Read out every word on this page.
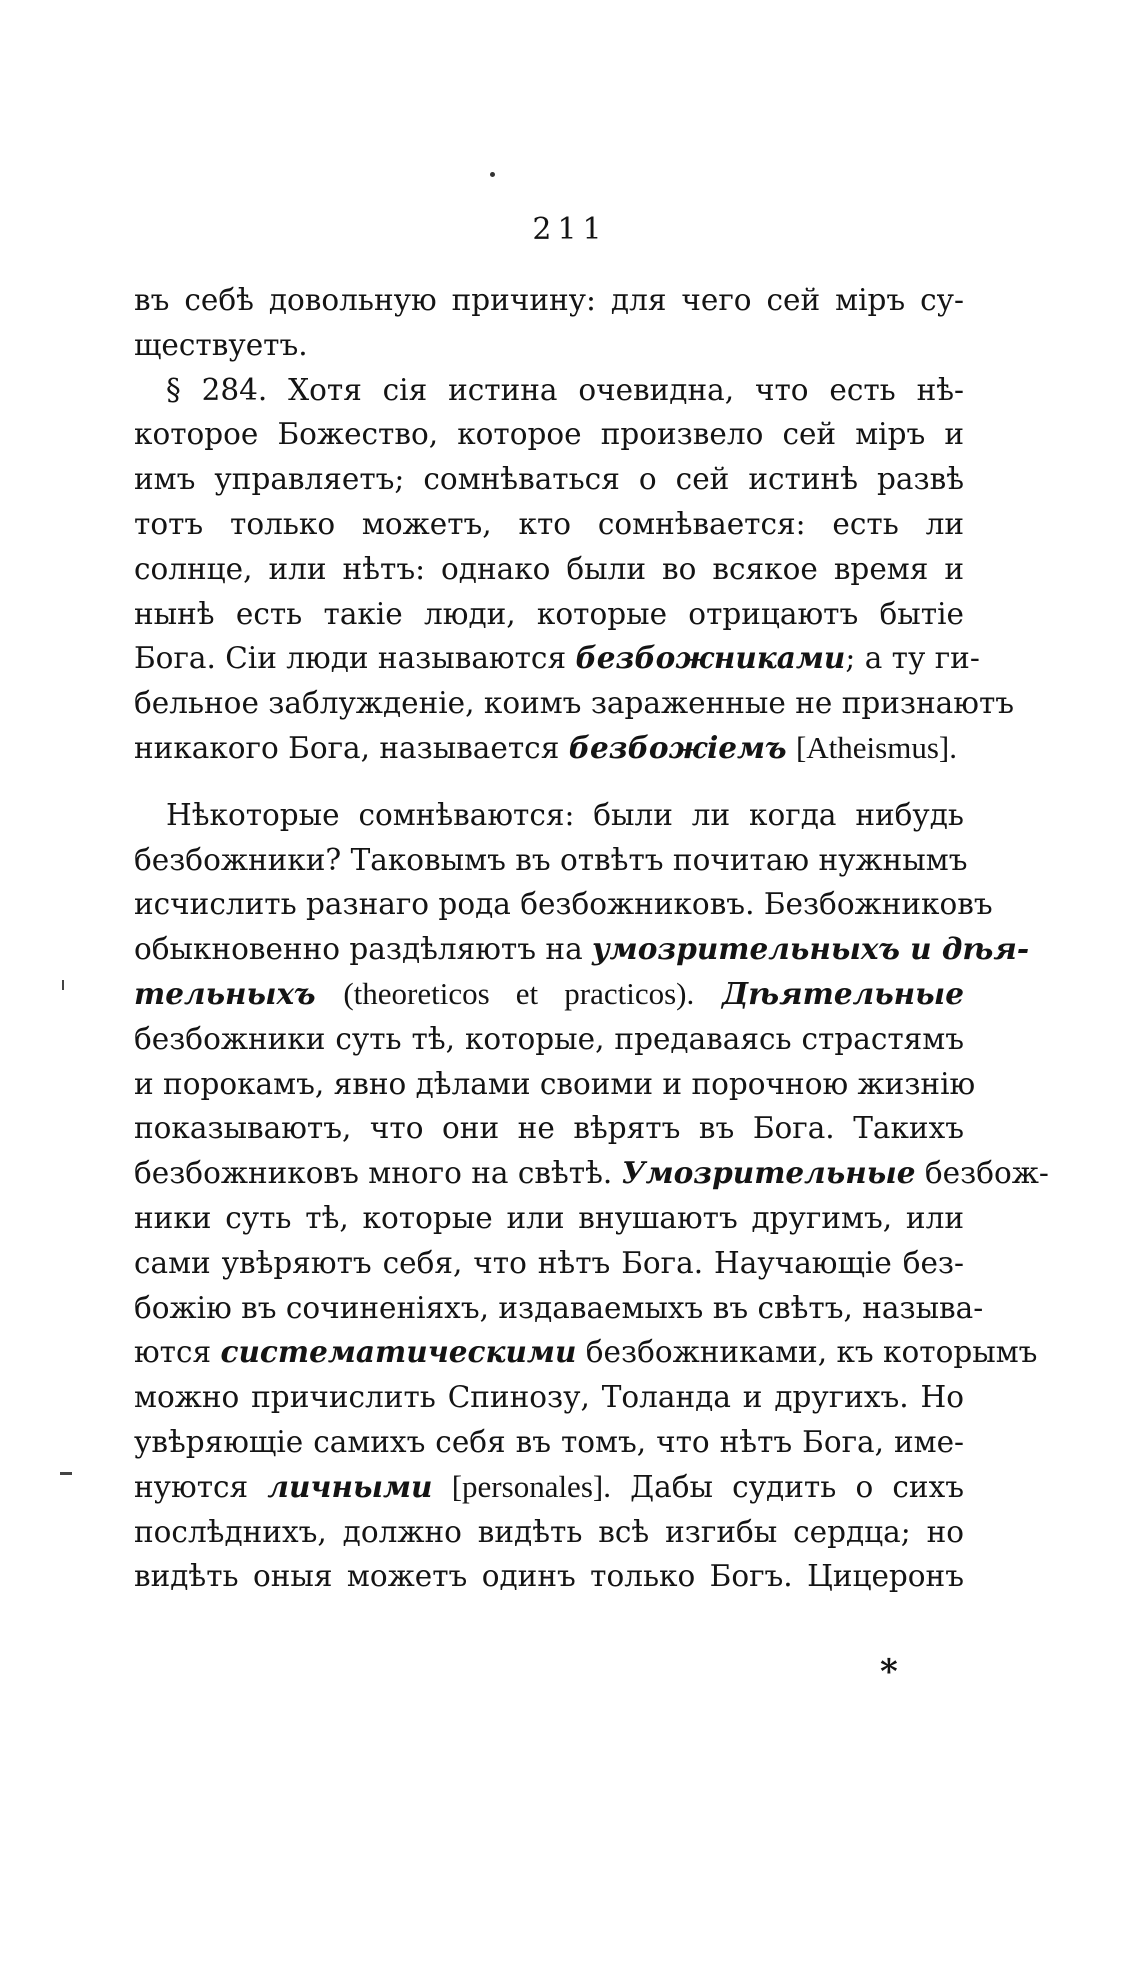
211
въ себѣ довольную причину: для чего сей міръ су-
ществуетъ.
§ 284. Хотя сія истина очевидна, что есть нѣ-
которое Божество, которое произвело сей міръ и
имъ управляетъ; сомнѣваться о сей истинѣ развѣ
тотъ только можетъ, кто сомнѣвается: есть ли
солнце, или нѣтъ: однако были во всякое время и
нынѣ есть такіе люди, которые отрицаютъ бытіе
Бога. Сіи люди называются безбожниками; а ту ги-
бельное заблужденіе, коимъ зараженные не признаютъ
никакого Бога, называется безбожіемъ [Atheismus].
Нѣкоторые сомнѣваются: были ли когда нибудь
безбожники? Таковымъ въ отвѣтъ почитаю нужнымъ
исчислить разнаго рода безбожниковъ. Безбожниковъ
обыкновенно раздѣляютъ на умозрительныхъ и дѣя-
тельныхъ (theoreticos et practicos). Дѣятельные
безбожники суть тѣ, которые, предаваясь страстямъ
и порокамъ, явно дѣлами своими и порочною жизнію
показываютъ, что они не вѣрятъ въ Бога. Такихъ
безбожниковъ много на свѣтѣ. Умозрительные безбож-
ники суть тѣ, которые или внушаютъ другимъ, или
сами увѣряютъ себя, что нѣтъ Бога. Научающіе без-
божію въ сочиненіяхъ, издаваемыхъ въ свѣтъ, называ-
ются систематическими безбожниками, къ которымъ
можно причислить Спинозу, Толанда и другихъ. Но
увѣряющіе самихъ себя въ томъ, что нѣтъ Бога, име-
нуются личными [personales]. Дабы судить о сихъ
послѣднихъ, должно видѣть всѣ изгибы сердца; но
видѣть оныя можетъ одинъ только Богъ. Цицеронъ
*
